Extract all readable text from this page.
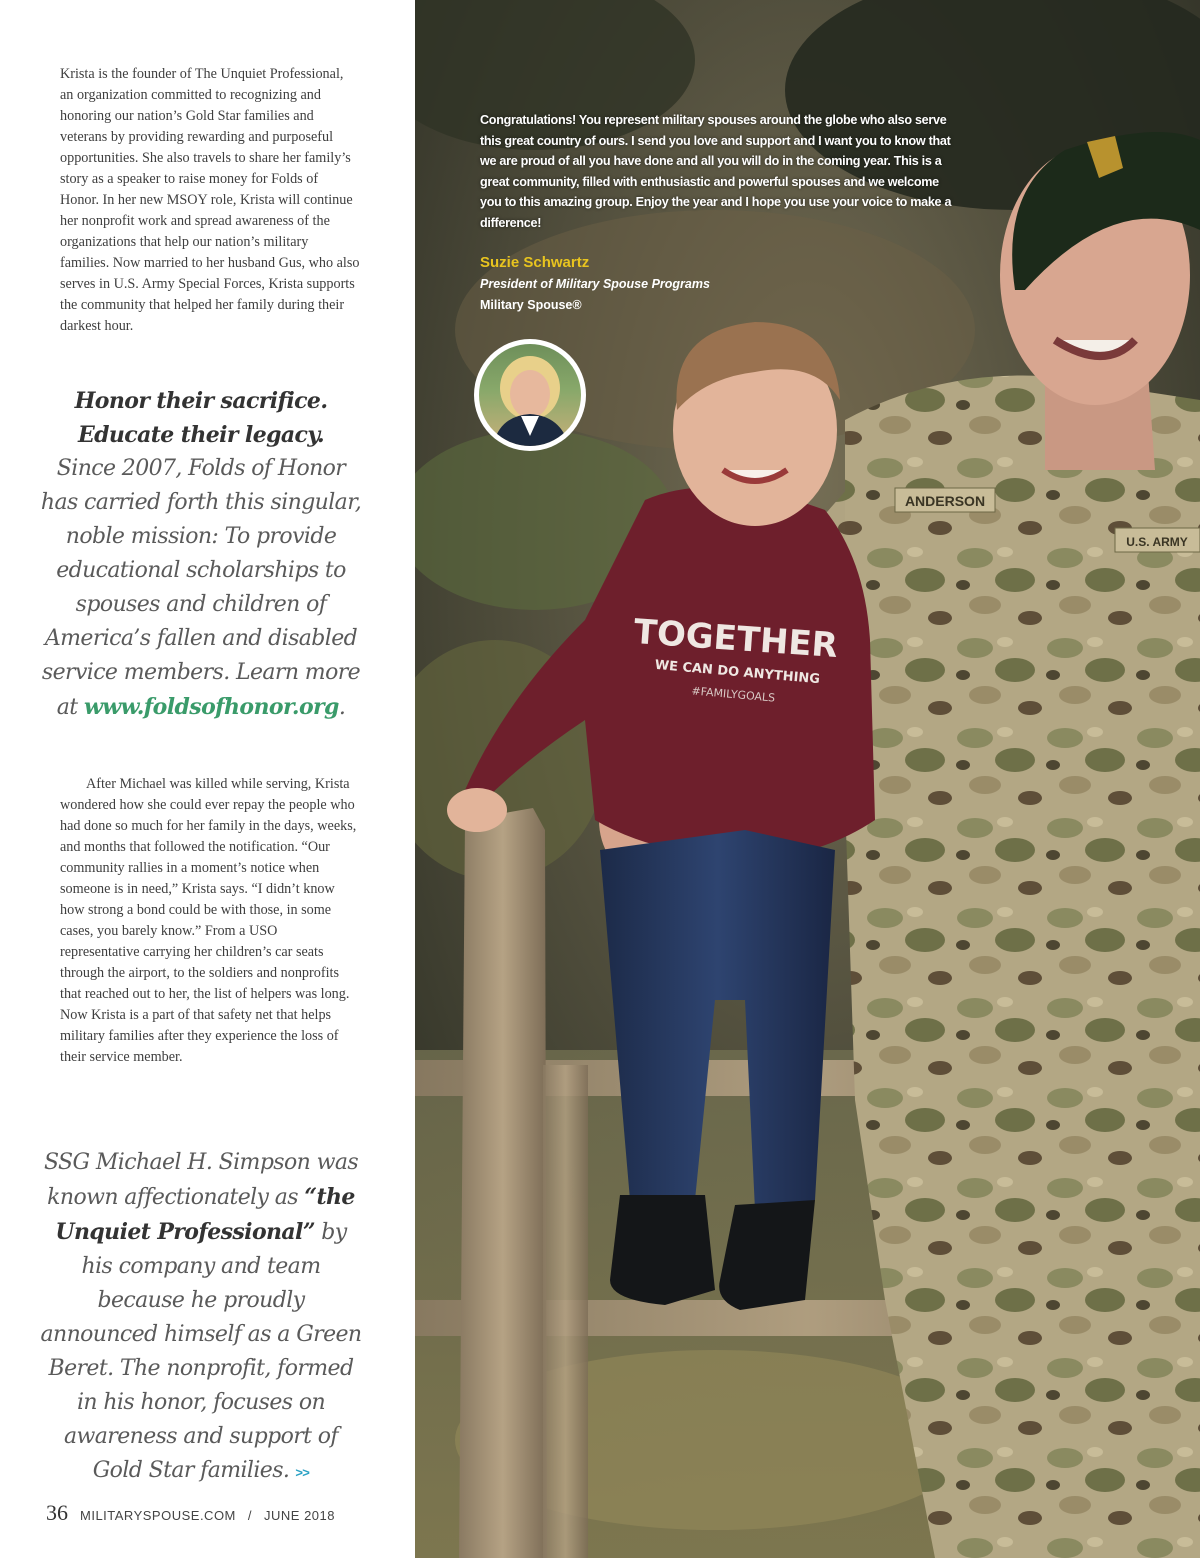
Krista is the founder of The Unquiet Professional, an organization committed to recognizing and honoring our nation’s Gold Star families and veterans by providing rewarding and purposeful opportunities. She also travels to share her family’s story as a speaker to raise money for Folds of Honor. In her new MSOY role, Krista will continue her nonprofit work and spread awareness of the organizations that help our nation’s military families. Now married to her husband Gus, who also serves in U.S. Army Special Forces, Krista supports the community that helped her family during their darkest hour.

Honor their sacrifice.
Educate their legacy.
Since 2007, Folds of Honor has carried forth this singular, noble mission: To provide educational scholarships to spouses and children of America’s fallen and disabled service members. Learn more at www.foldsofhonor.org.

After Michael was killed while serving, Krista wondered how she could ever repay the people who had done so much for her family in the days, weeks, and months that followed the notification. “Our community rallies in a moment’s notice when someone is in need,” Krista says. “I didn’t know how strong a bond could be with those, in some cases, you barely know.” From a USO representative carrying her children’s car seats through the airport, to the soldiers and nonprofits that reached out to her, the list of helpers was long. Now Krista is a part of that safety net that helps military families after they experience the loss of their service member.

SSG Michael H. Simpson was known affectionately as “the Unquiet Professional” by his company and team because he proudly announced himself as a Green Beret. The nonprofit, formed in his honor, focuses on awareness and support of Gold Star families. >>
36 MILITARYSPOUSE.COM / JUNE 2018
ANDERSON
U.S. ARMY
TOGETHER
WE CAN DO ANYTHING
#FAMILYGOALS
Congratulations! You represent military spouses around the globe who also serve this great country of ours. I send you love and support and I want you to know that we are proud of all you have done and all you will do in the coming year. This is a great community, filled with enthusiastic and powerful spouses and we welcome you to this amazing group. Enjoy the year and I hope you use your voice to make a difference!
Suzie Schwartz
President of Military Spouse Programs
Military Spouse®
